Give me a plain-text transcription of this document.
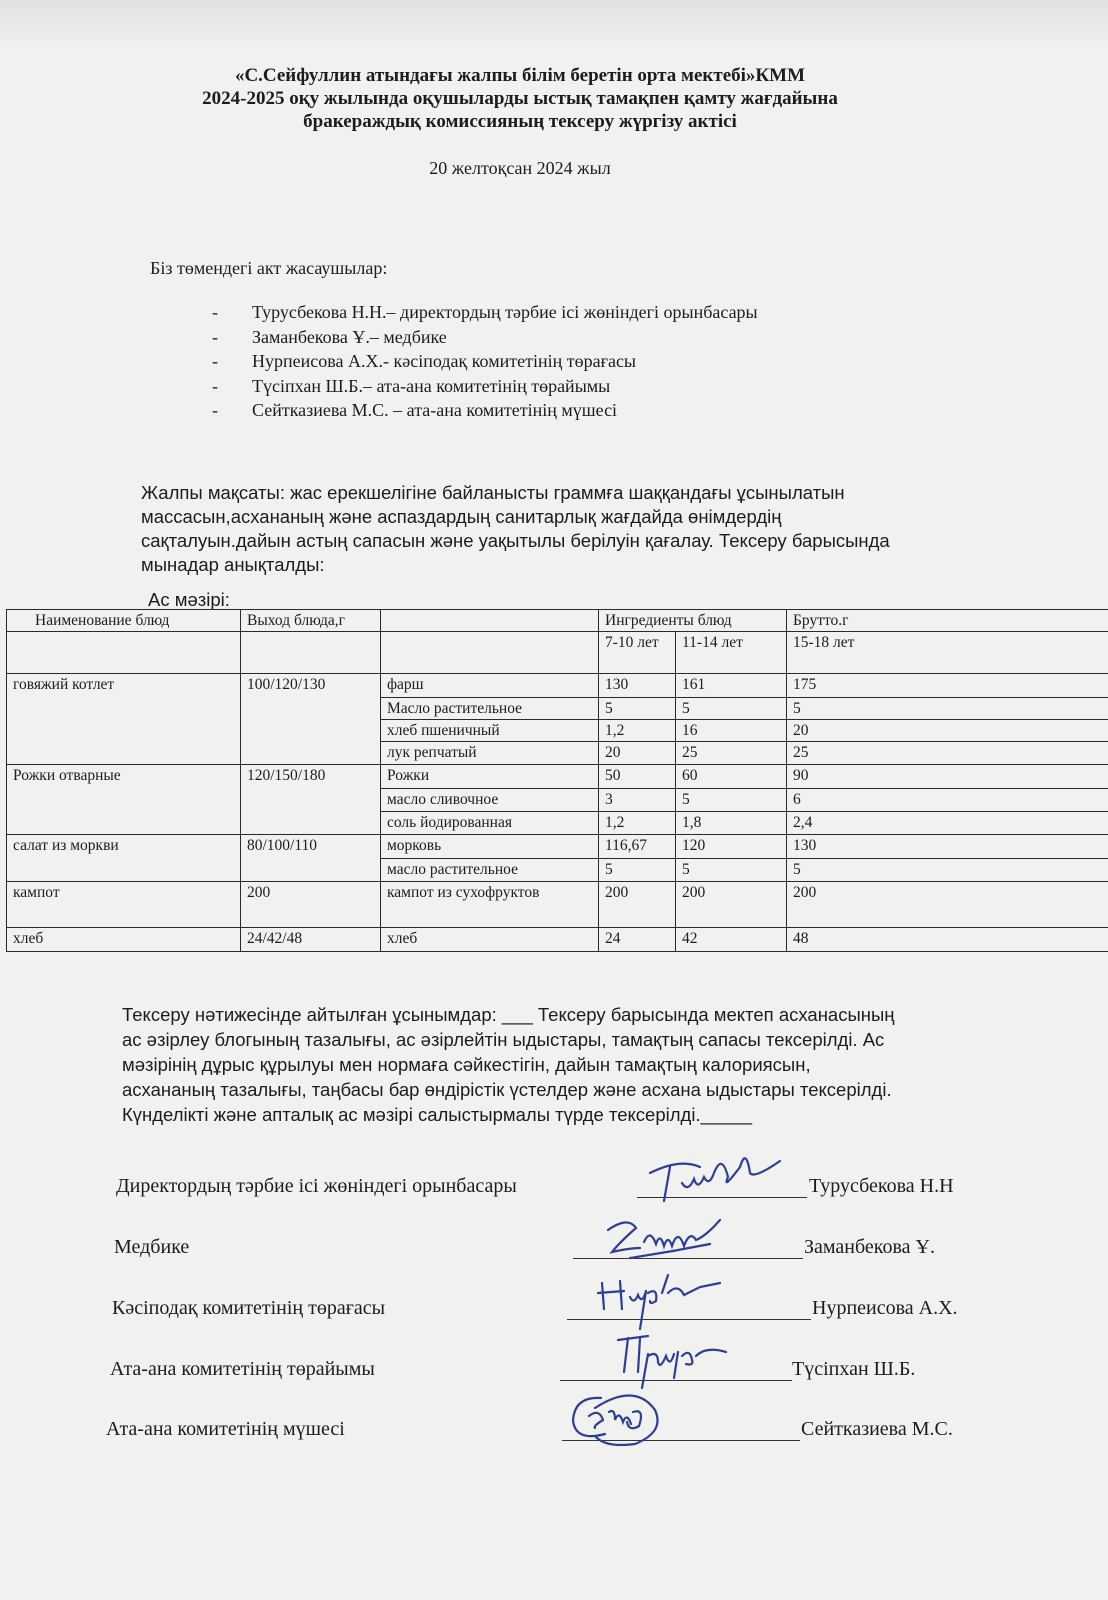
«С.Сейфуллин атындағы жалпы білім беретін орта мектебі»КММ
2024-2025 оқу жылында оқушыларды ыстық тамақпен қамту жағдайына
бракераждық комиссияның тексеру жүргізу актісі
20 желтоқсан 2024 жыл
Біз төмендегі акт жасаушылар:
- Турусбекова Н.Н.– директордың тәрбие ісі жөніндегі орынбасары
- Заманбекова Ұ.– медбике
- Нурпеисова А.Х.- кәсіподақ комитетінің төрағасы
- Түсіпхан Ш.Б.– ата-ана комитетінің төрайымы
- Сейтказиева М.С. – ата-ана комитетінің мүшесі
Жалпы мақсаты: жас ерекшелігіне байланысты граммға шаққандағы ұсынылатын
массасын,асхананың және аспаздардың санитарлық жағдайда өнімдердің
сақталуын.дайын астың сапасын және уақытылы берілуін қағалау. Тексеру барысында
мынадар анықталды:
Ас мәзірі:
Наименование блюд	Выход блюда,г		Ингредиенты блюд		Брутто.г
			7-10 лет	11-14 лет	15-18 лет
говяжий котлет	100/120/130	фарш	130	161	175
		Масло растительное	5	5	5
		хлеб пшеничный	1,2	16	20
		лук репчатый	20	25	25
Рожки отварные	120/150/180	Рожки	50	60	90
		масло сливочное	3	5	6
		соль йодированная	1,2	1,8	2,4
салат из моркви	80/100/110	морковь	116,67	120	130
		масло растительное	5	5	5
кампот	200	кампот из сухофруктов	200	200	200
хлеб	24/42/48	хлеб	24	42	48
Тексеру нәтижесінде айтылған ұсынымдар: ___ Тексеру барысында мектеп асханасының
ас әзірлеу блогының тазалығы, ас әзірлейтін ыдыстары, тамақтың сапасы тексерілді. Ас
мәзірінің дұрыс құрылуы мен нормаға сәйкестігін, дайын тамақтың калориясын,
асхананың тазалығы, таңбасы бар өндірістік үстелдер және асхана ыдыстары тексерілді.
Күнделікті және апталық ас мәзірі салыстырмалы түрде тексерілді._____
Директордың тәрбие ісі жөніндегі орынбасары	Турусбекова Н.Н
Медбике	Заманбекова Ұ.
Кәсіподақ комитетінің төрағасы	Нурпеисова А.Х.
Ата-ана комитетінің төрайымы	Түсіпхан Ш.Б.
Ата-ана комитетінің мүшесі	Сейтказиева М.С.
